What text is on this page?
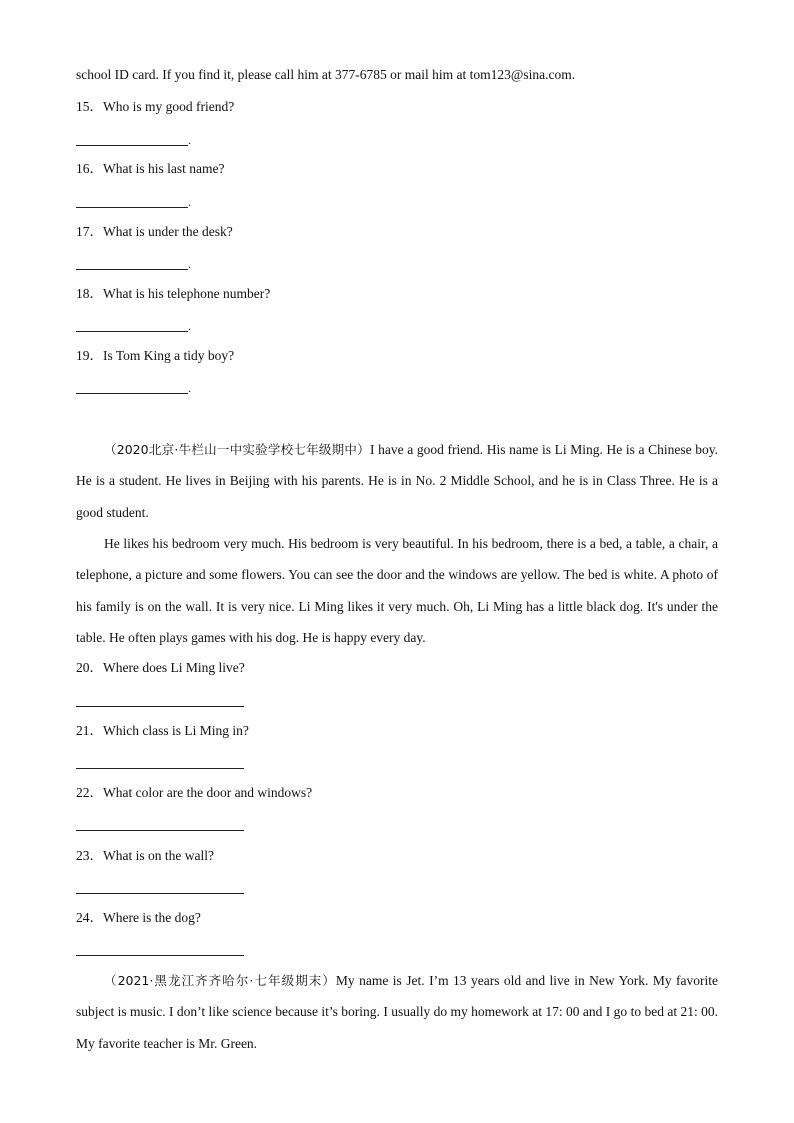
school ID card. If you find it, please call him at 377-6785 or mail him at tom123@sina.com.
15．Who is my good friend?
.
16．What is his last name?
.
17．What is under the desk?
.
18．What is his telephone number?
.
19．Is Tom King a tidy boy?
.
（2020北京·牛栏山一中实验学校七年级期中）I have a good friend. His name is Li Ming. He is a Chinese boy. He is a student. He lives in Beijing with his parents. He is in No. 2 Middle School, and he is in Class Three. He is a good student.
He likes his bedroom very much. His bedroom is very beautiful. In his bedroom, there is a bed, a table, a chair, a telephone, a picture and some flowers. You can see the door and the windows are yellow. The bed is white. A photo of his family is on the wall. It is very nice. Li Ming likes it very much. Oh, Li Ming has a little black dog. It's under the table. He often plays games with his dog. He is happy every day.
20．Where does Li Ming live?
21．Which class is Li Ming in?
22．What color are the door and windows?
23．What is on the wall?
24．Where is the dog?
（2021·黑龙江齐齐哈尔·七年级期末）My name is Jet. I’m 13 years old and live in New York. My favorite subject is music. I don’t like science because it’s boring. I usually do my homework at 17: 00 and I go to bed at 21: 00. My favorite teacher is Mr. Green.
